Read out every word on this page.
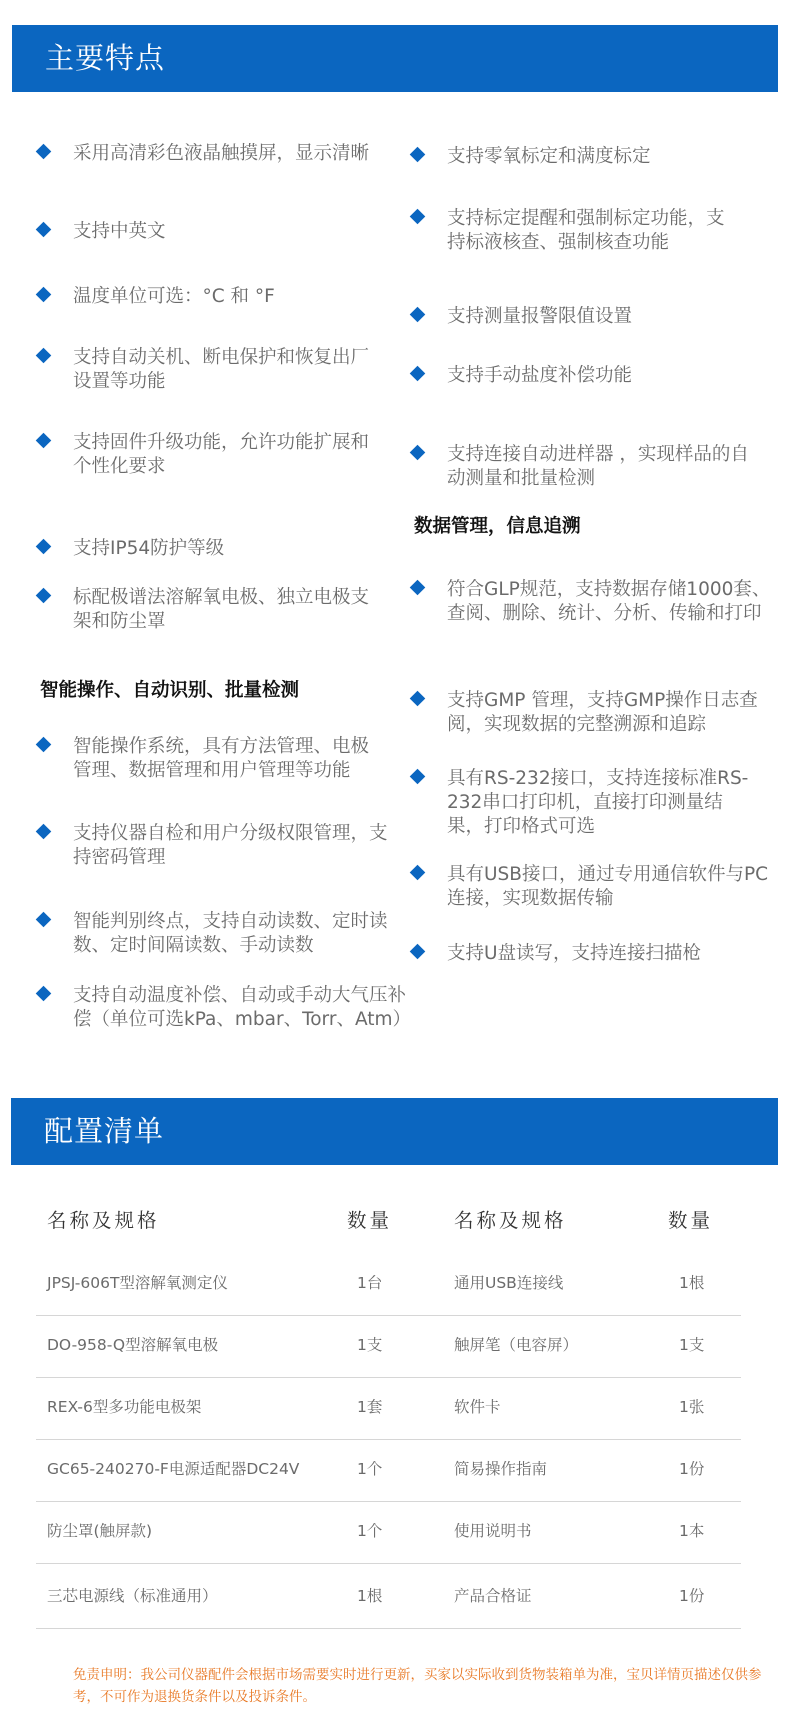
主要特点
采用高清彩色液晶触摸屏，显示清晰
支持中英文
温度单位可选：°C 和 °F
支持自动关机、断电保护和恢复出厂设置等功能
支持固件升级功能，允许功能扩展和个性化要求
支持IP54防护等级
标配极谱法溶解氧电极、独立电极支架和防尘罩
智能操作、自动识别、批量检测
智能操作系统，具有方法管理、电极管理、数据管理和用户管理等功能
支持仪器自检和用户分级权限管理，支持密码管理
智能判别终点，支持自动读数、定时读数、定时间隔读数、手动读数
支持自动温度补偿、自动或手动大气压补偿（单位可选kPa、mbar、Torr、Atm）
支持零氧标定和满度标定
支持标定提醒和强制标定功能，支持标液核查、强制核查功能
支持测量报警限值设置
支持手动盐度补偿功能
支持连接自动进样器 ，实现样品的自动测量和批量检测
数据管理，信息追溯
符合GLP规范，支持数据存储1000套、查阅、删除、统计、分析、传输和打印
支持GMP 管理，支持GMP操作日志查阅，实现数据的完整溯源和追踪
具有RS-232接口，支持连接标准RS-232串口打印机，直接打印测量结果，打印格式可选
具有USB接口，通过专用通信软件与PC连接，实现数据传输
支持U盘读写，支持连接扫描枪
配置清单
名称及规格	数量	名称及规格	数量
JPSJ-606T型溶解氧测定仪	1台	通用USB连接线	1根
DO-958-Q型溶解氧电极	1支	触屏笔（电容屏）	1支
REX-6型多功能电极架	1套	软件卡	1张
GC65-240270-F电源适配器DC24V	1个	简易操作指南	1份
防尘罩(触屏款)	1个	使用说明书	1本
三芯电源线（标准通用）	1根	产品合格证	1份
免责申明：我公司仪器配件会根据市场需要实时进行更新，买家以实际收到货物装箱单为准，宝贝详情页描述仅供参考，不可作为退换货条件以及投诉条件。
